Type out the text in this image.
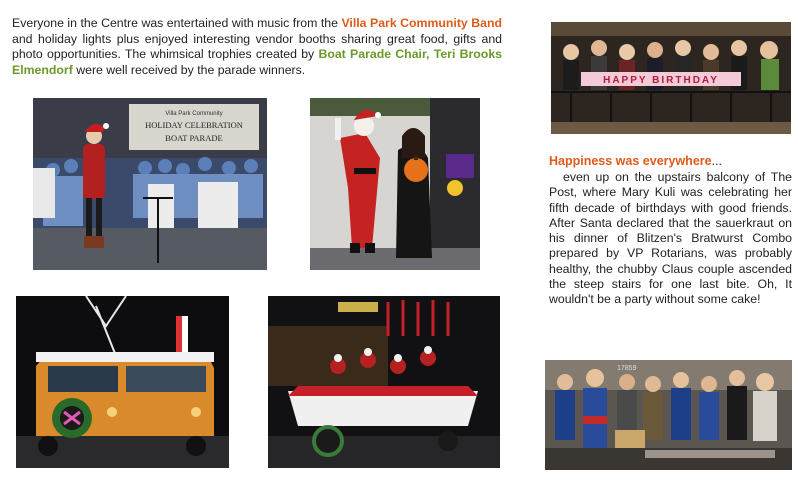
Everyone in the Centre was entertained with music from the Villa Park Community Band and holiday lights plus enjoyed interesting vendor booths sharing great food, gifts and photo opportunities. The whimsical trophies created by Boat Parade Chair, Teri Brooks Elmendorf were well received by the parade winners.
Villa Park Community
HOLIDAY CELEBRATION
BOAT PARADE
HAPPY BIRTHDAY
17859
Happiness was everywhere...
even up on the upstairs balcony of The Post, where Mary Kuli was celebrating her fifth decade of birthdays with good friends. After Santa declared that the sauerkraut on his dinner of Blitzen's Bratwurst Combo prepared by VP Rotarians, was probably healthy, the chubby Claus couple ascended the steep stairs for one last bite. Oh, It wouldn't be a party without some cake!
